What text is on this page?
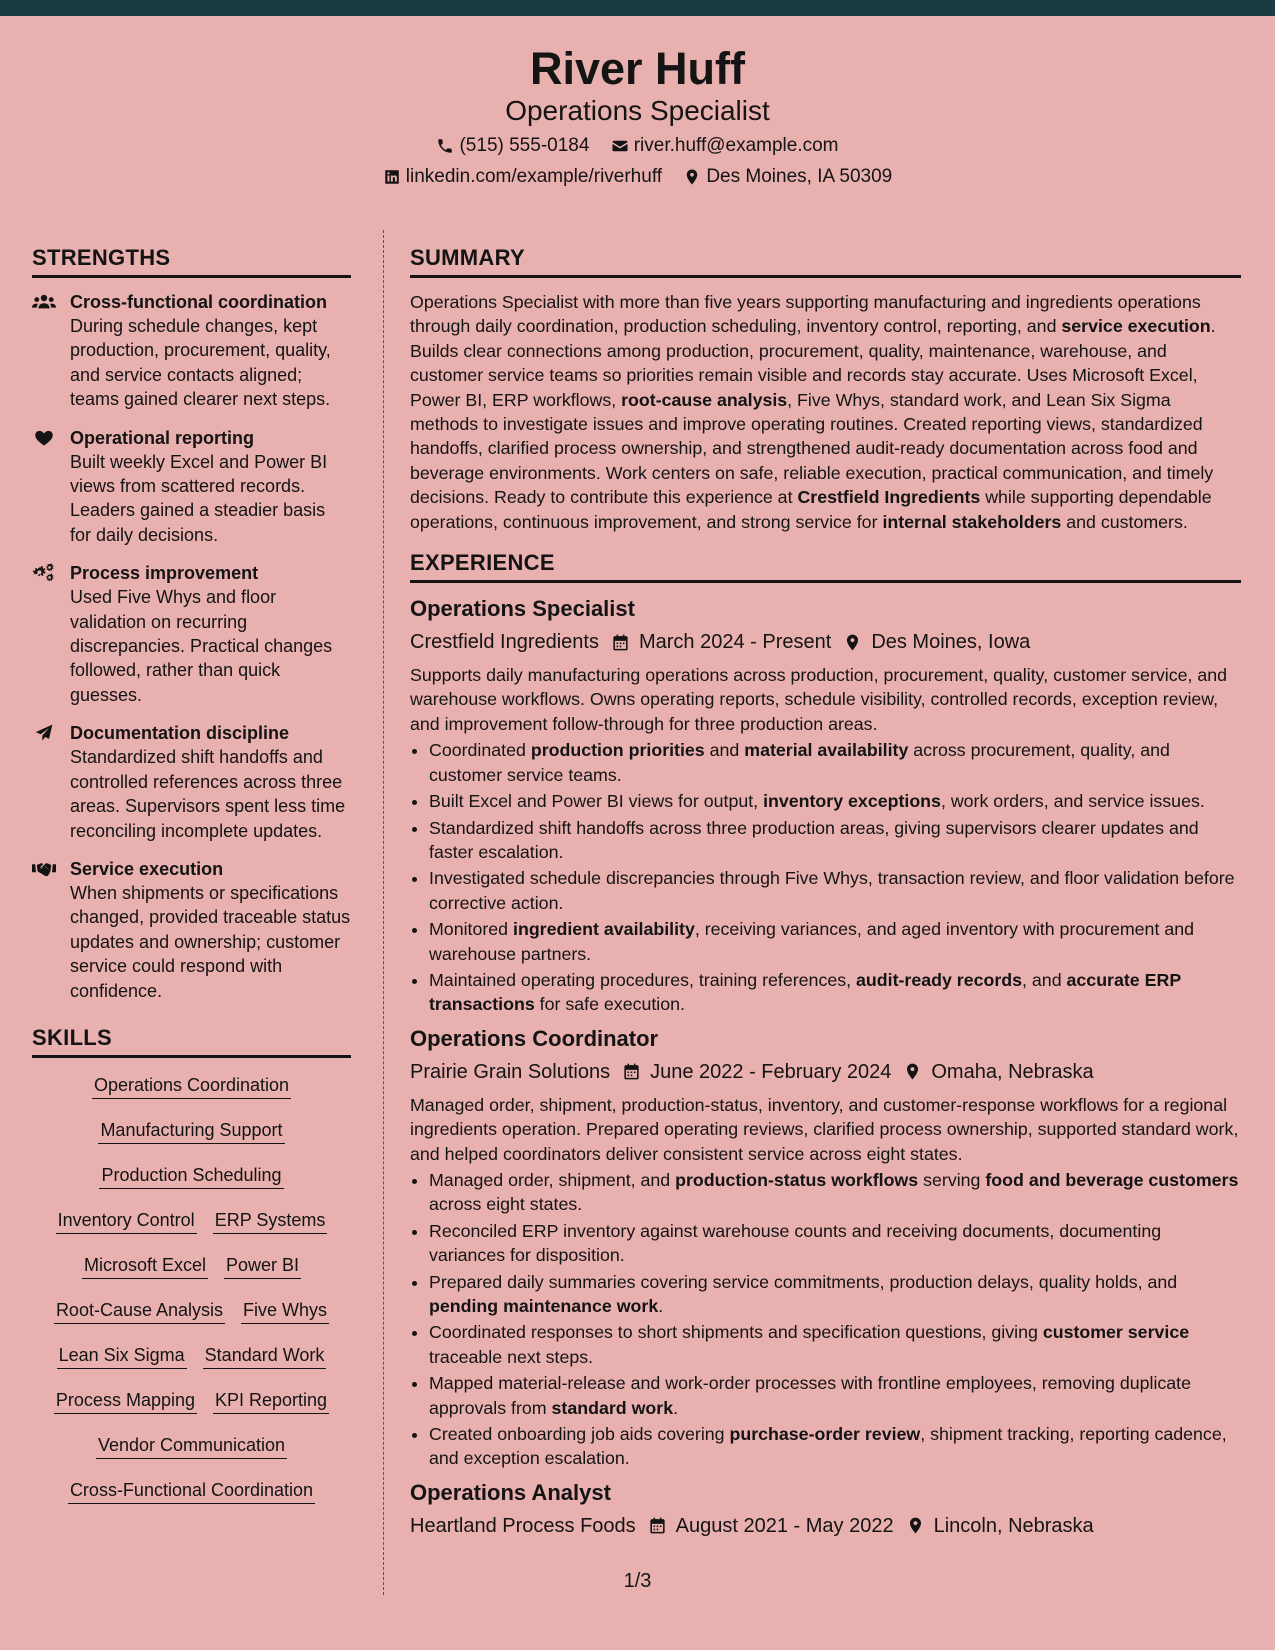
River Huff
Operations Specialist
(515) 555-0184
river.huff@example.com
linkedin.com/example/riverhuff
Des Moines, IA 50309
STRENGTHS
Cross-functional coordination
During schedule changes, kept production, procurement, quality, and service contacts aligned; teams gained clearer next steps.
Operational reporting
Built weekly Excel and Power BI views from scattered records. Leaders gained a steadier basis for daily decisions.
Process improvement
Used Five Whys and floor validation on recurring discrepancies. Practical changes followed, rather than quick guesses.
Documentation discipline
Standardized shift handoffs and controlled references across three areas. Supervisors spent less time reconciling incomplete updates.
Service execution
When shipments or specifications changed, provided traceable status updates and ownership; customer service could respond with confidence.
SKILLS
Operations Coordination
Manufacturing Support
Production Scheduling
Inventory Control ERP Systems
Microsoft Excel Power BI
Root-Cause Analysis Five Whys
Lean Six Sigma Standard Work
Process Mapping KPI Reporting
Vendor Communication
Cross-Functional Coordination
SUMMARY
Operations Specialist with more than five years supporting manufacturing and ingredients operations through daily coordination, production scheduling, inventory control, reporting, and service execution. Builds clear connections among production, procurement, quality, maintenance, warehouse, and customer service teams so priorities remain visible and records stay accurate. Uses Microsoft Excel, Power BI, ERP workflows, root-cause analysis, Five Whys, standard work, and Lean Six Sigma methods to investigate issues and improve operating routines. Created reporting views, standardized handoffs, clarified process ownership, and strengthened audit-ready documentation across food and beverage environments. Work centers on safe, reliable execution, practical communication, and timely decisions. Ready to contribute this experience at Crestfield Ingredients while supporting dependable operations, continuous improvement, and strong service for internal stakeholders and customers.
EXPERIENCE
Operations Specialist
Crestfield Ingredients March 2024 - Present Des Moines, Iowa
Supports daily manufacturing operations across production, procurement, quality, customer service, and warehouse workflows. Owns operating reports, schedule visibility, controlled records, exception review, and improvement follow-through for three production areas.
• Coordinated production priorities and material availability across procurement, quality, and customer service teams.
• Built Excel and Power BI views for output, inventory exceptions, work orders, and service issues.
• Standardized shift handoffs across three production areas, giving supervisors clearer updates and faster escalation.
• Investigated schedule discrepancies through Five Whys, transaction review, and floor validation before corrective action.
• Monitored ingredient availability, receiving variances, and aged inventory with procurement and warehouse partners.
• Maintained operating procedures, training references, audit-ready records, and accurate ERP transactions for safe execution.
Operations Coordinator
Prairie Grain Solutions June 2022 - February 2024 Omaha, Nebraska
Managed order, shipment, production-status, inventory, and customer-response workflows for a regional ingredients operation. Prepared operating reviews, clarified process ownership, supported standard work, and helped coordinators deliver consistent service across eight states.
• Managed order, shipment, and production-status workflows serving food and beverage customers across eight states.
• Reconciled ERP inventory against warehouse counts and receiving documents, documenting variances for disposition.
• Prepared daily summaries covering service commitments, production delays, quality holds, and pending maintenance work.
• Coordinated responses to short shipments and specification questions, giving customer service traceable next steps.
• Mapped material-release and work-order processes with frontline employees, removing duplicate approvals from standard work.
• Created onboarding job aids covering purchase-order review, shipment tracking, reporting cadence, and exception escalation.
Operations Analyst
Heartland Process Foods August 2021 - May 2022 Lincoln, Nebraska
1/3
